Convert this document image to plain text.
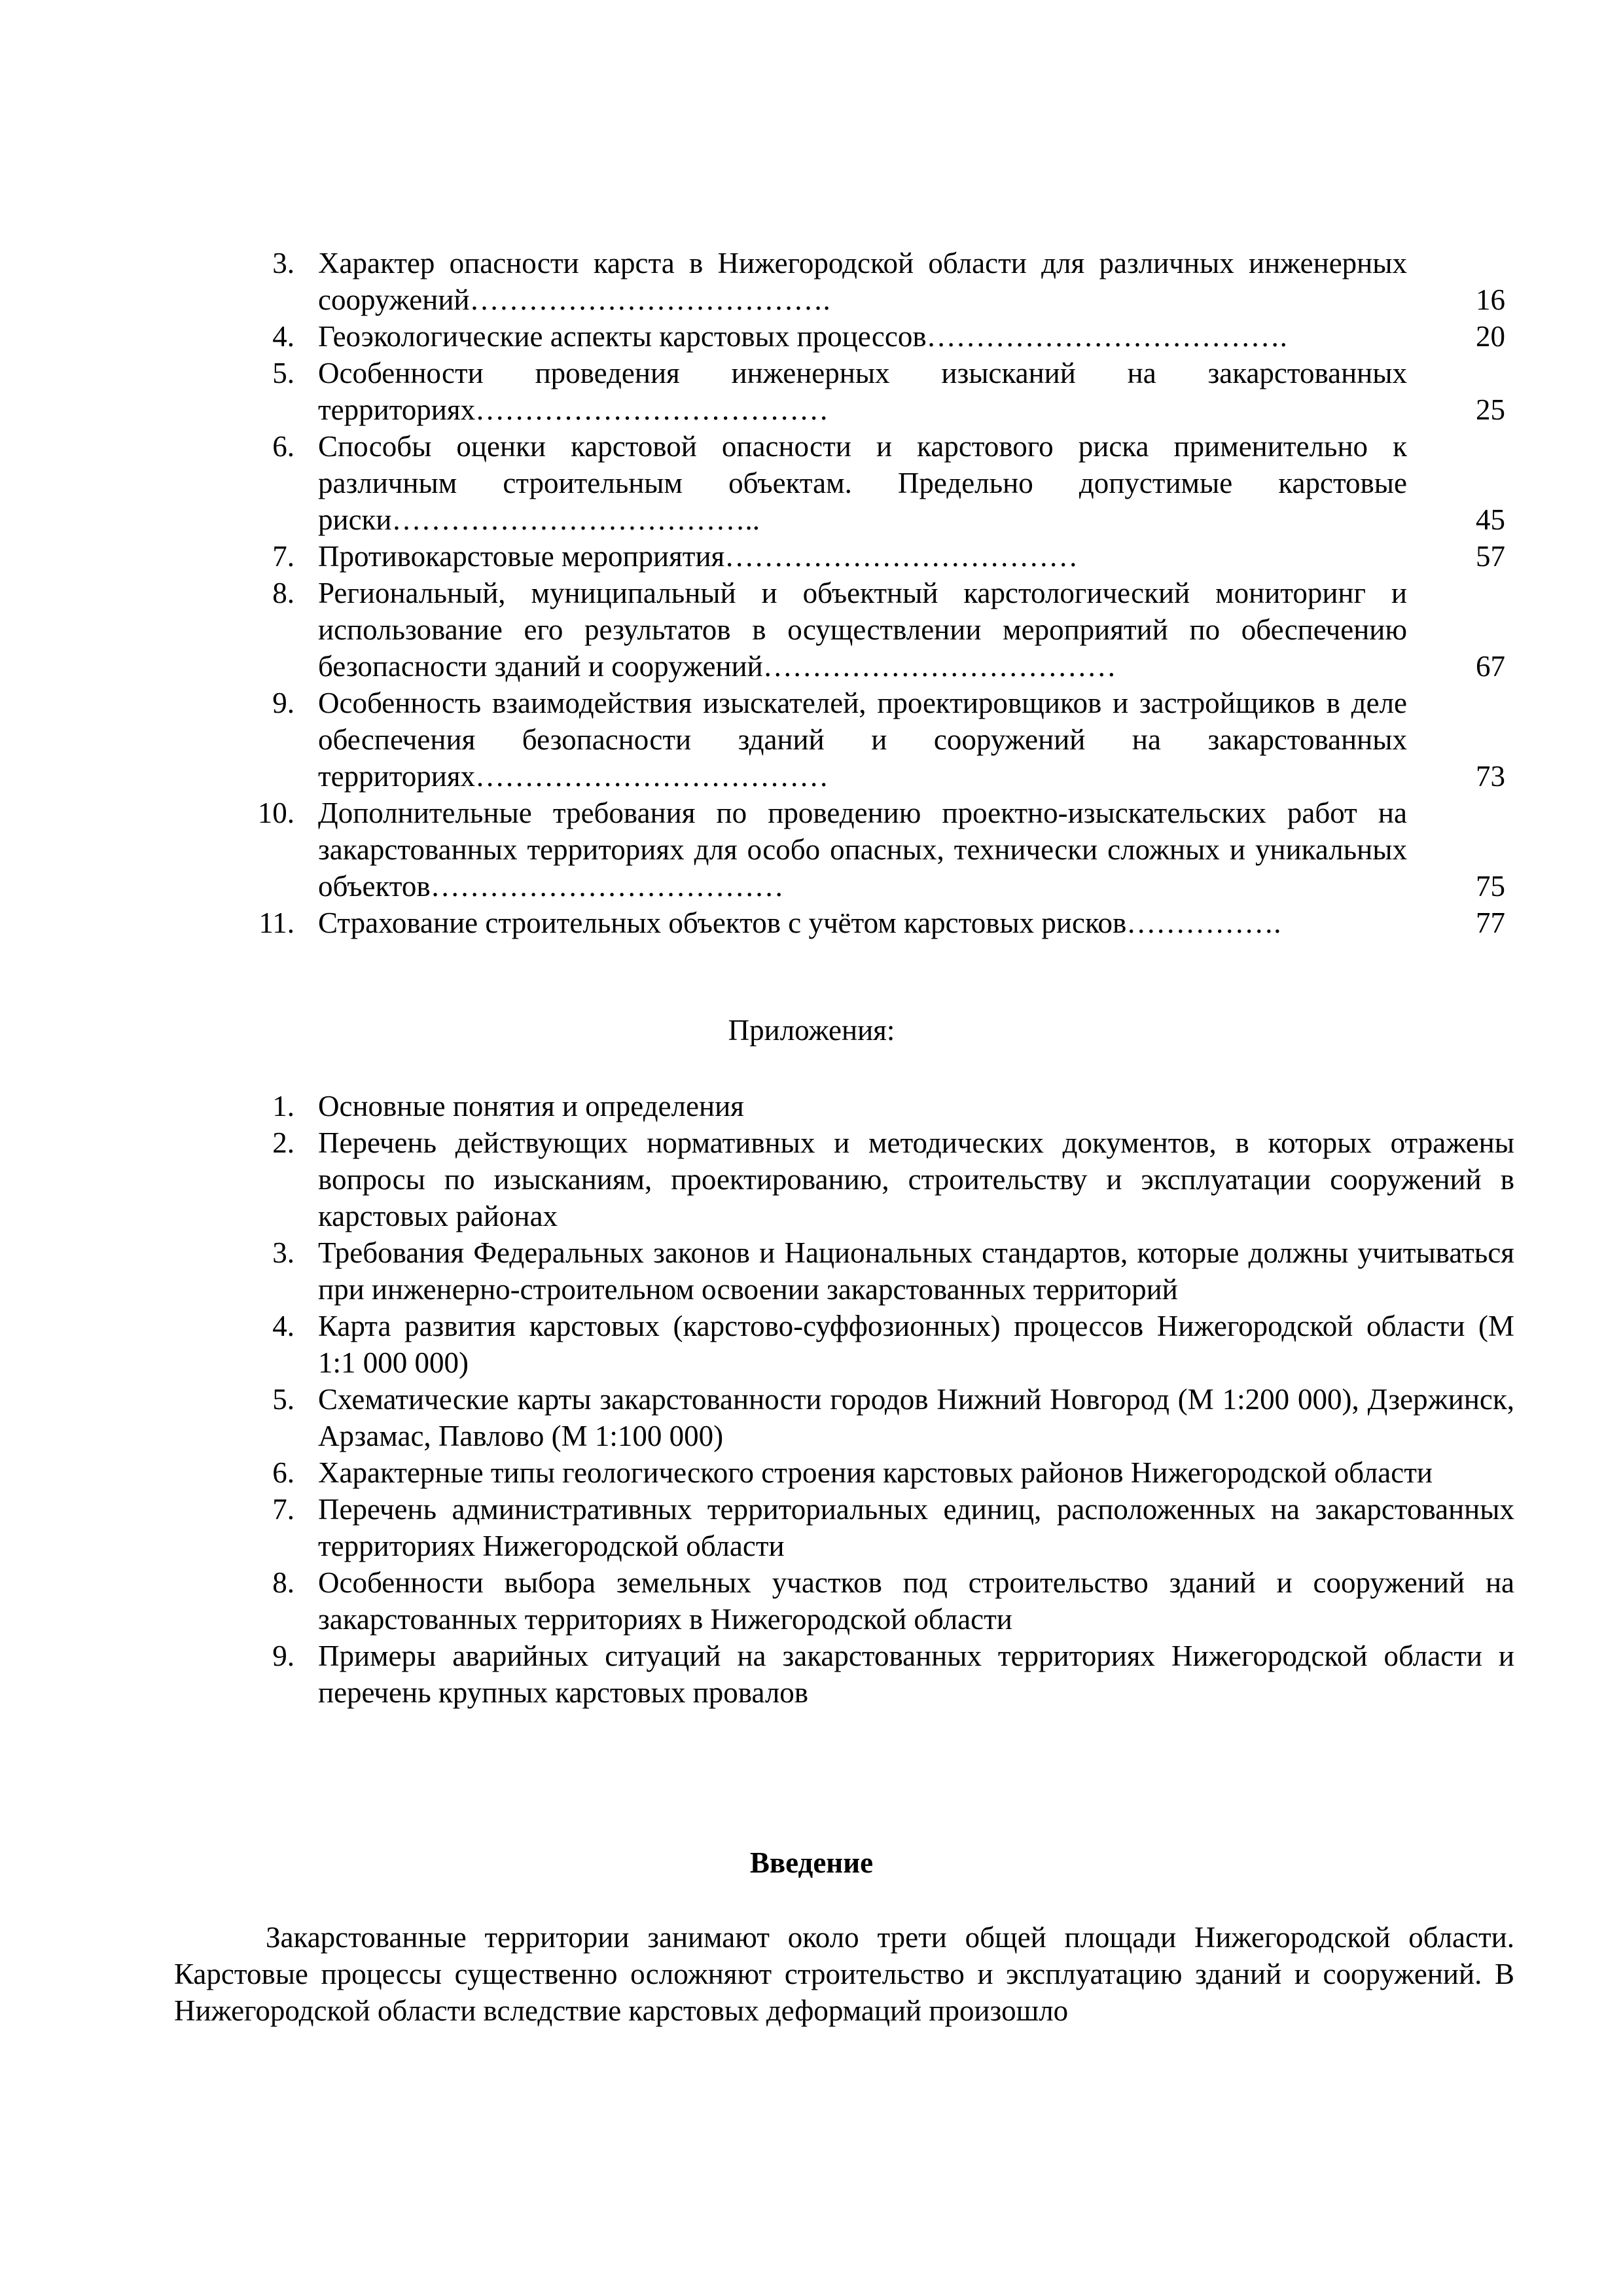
3. Характер опасности карста в Нижегородской области для различных инженерных сооружений……………………………….	16
4. Геоэкологические аспекты карстовых процессов……………………………….	20
5. Особенности проведения инженерных изысканий на закарстованных территориях………………………………	25
6. Способы оценки карстовой опасности и карстового риска применительно к различным строительным объектам. Предельно допустимые карстовые риски………………………………..	45
7. Противокарстовые мероприятия………………………………	57
8. Региональный, муниципальный и объектный карстологический мониторинг и использование его результатов в осуществлении мероприятий по обеспечению безопасности зданий и сооружений………………………………	67
9. Особенность взаимодействия изыскателей, проектировщиков и застройщиков в деле обеспечения безопасности зданий и сооружений на закарстованных территориях………………………………	73
10. Дополнительные требования по проведению проектно-изыскательских работ на закарстованных территориях для особо опасных, технически сложных и уникальных объектов………………………………	75
11. Страхование строительных объектов с учётом карстовых рисков…………….	77
Приложения:
1. Основные понятия и определения
2. Перечень действующих нормативных и методических документов, в которых отражены вопросы по изысканиям, проектированию, строительству и эксплуатации сооружений в карстовых районах
3. Требования Федеральных законов и Национальных стандартов, которые должны учитываться при инженерно-строительном освоении закарстованных территорий
4. Карта развития карстовых (карстово-суффозионных) процессов Нижегородской области (М 1:1 000 000)
5. Схематические карты закарстованности городов Нижний Новгород (М 1:200 000), Дзержинск, Арзамас, Павлово (М 1:100 000)
6. Характерные типы геологического строения карстовых районов Нижегородской области
7. Перечень административных территориальных единиц, расположенных на закарстованных территориях Нижегородской области
8. Особенности выбора земельных участков под строительство зданий и сооружений на закарстованных территориях в Нижегородской области
9. Примеры аварийных ситуаций на закарстованных территориях Нижегородской области и перечень крупных карстовых провалов
Введение
Закарстованные территории занимают около трети общей площади Нижегородской области. Карстовые процессы существенно осложняют строительство и эксплуатацию зданий и сооружений. В Нижегородской области вследствие карстовых деформаций произошло
